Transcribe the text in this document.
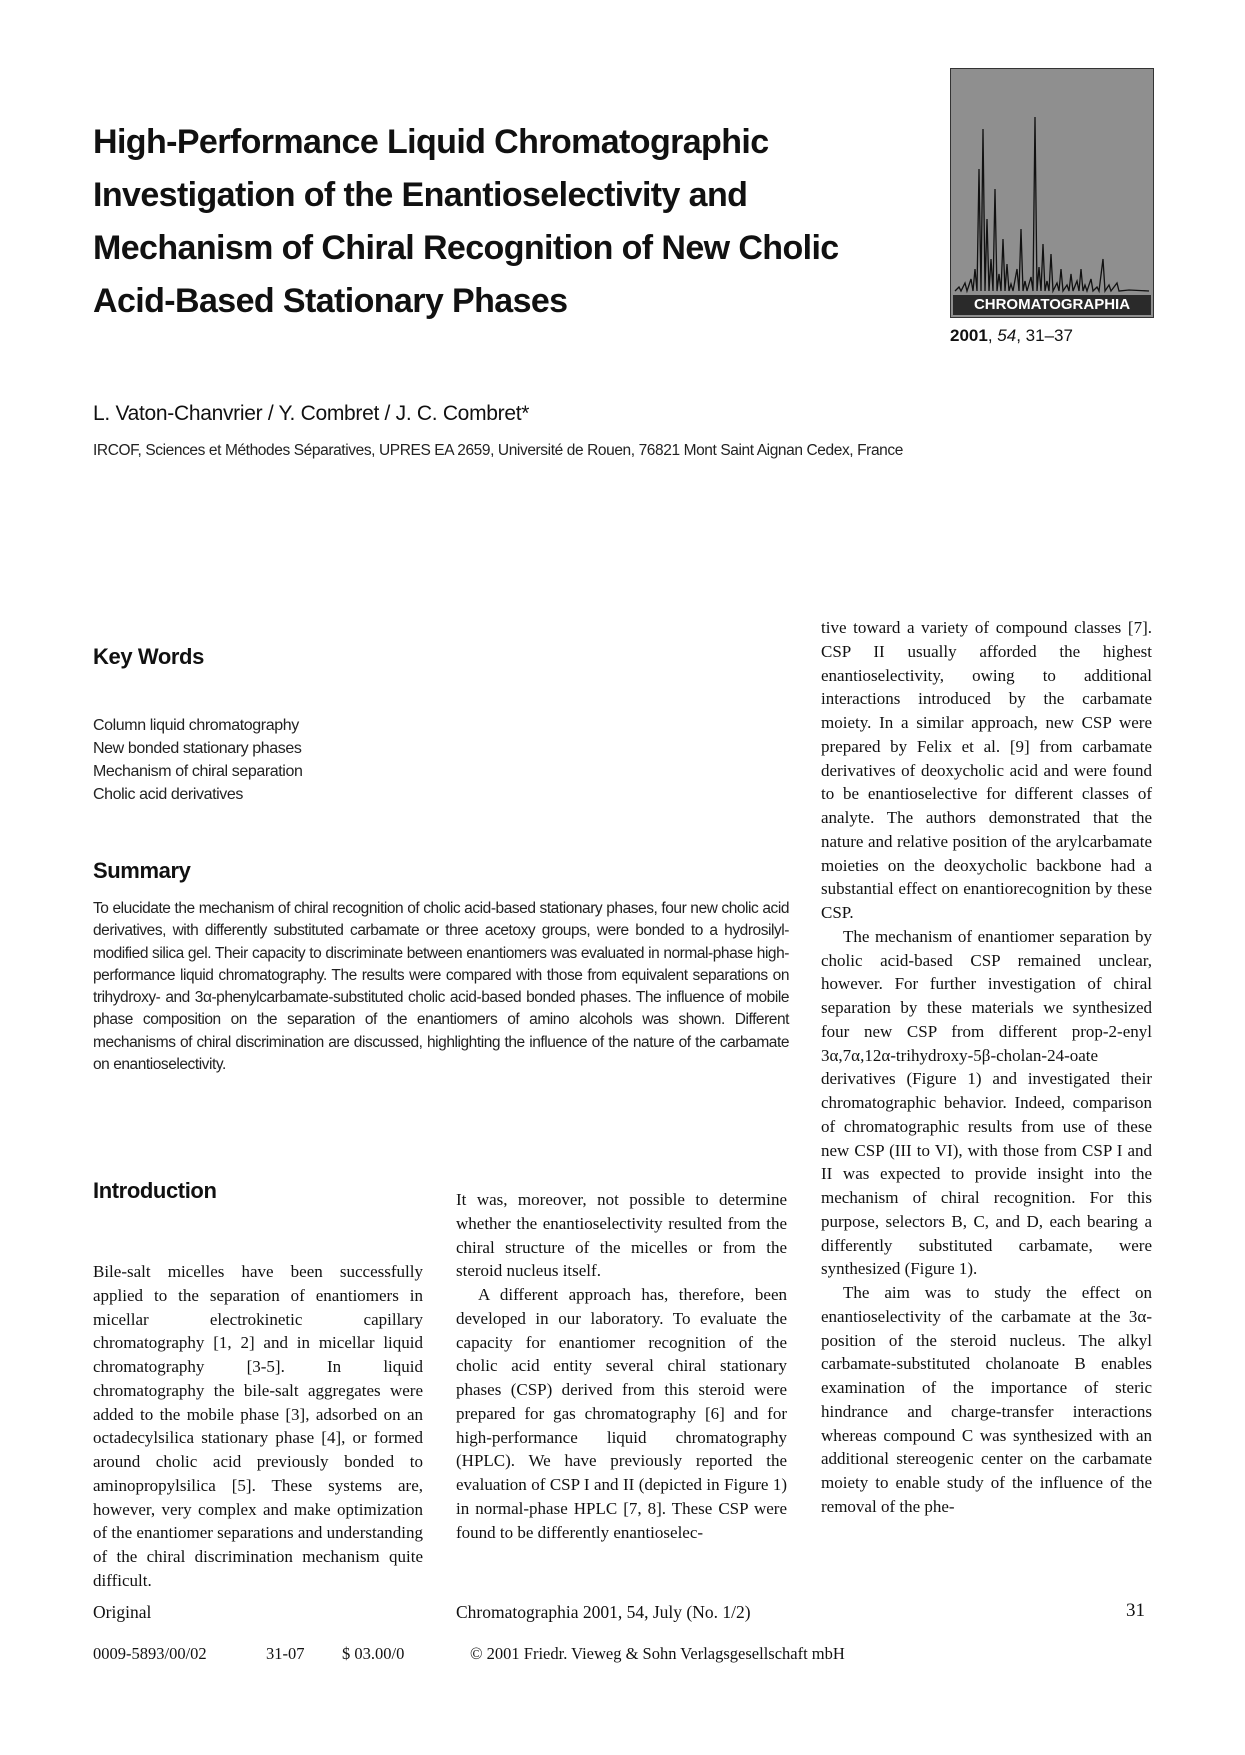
High-Performance Liquid Chromatographic Investigation of the Enantioselectivity and Mechanism of Chiral Recognition of New Cholic Acid-Based Stationary Phases	CHROMATOGRAPHIA
2001, 54, 31–37
L. Vaton-Chanvrier / Y. Combret / J. C. Combret*
IRCOF, Sciences et Méthodes Séparatives, UPRES EA 2659, Université de Rouen, 76821 Mont Saint Aignan Cedex, France
Key Words
Column liquid chromatography
New bonded stationary phases
Mechanism of chiral separation
Cholic acid derivatives
Summary

To elucidate the mechanism of chiral recognition of cholic acid-based stationary phases, four new cholic acid derivatives, with differently substituted carbamate or three acetoxy groups, were bonded to a hydrosilyl-modified silica gel. Their capacity to discriminate between enantiomers was evaluated in normal-phase high-performance liquid chromatography. The results were compared with those from equivalent separations on trihydroxy- and 3α-phenylcarbamate-substituted cholic acid-based bonded phases. The influence of mobile phase composition on the separation of the enantiomers of amino alcohols was shown. Different mechanisms of chiral discrimination are discussed, highlighting the influence of the nature of the carbamate on enantioselectivity.

Introduction

Bile-salt micelles have been successfully applied to the separation of enantiomers in micellar electrokinetic capillary chromatography [1, 2] and in micellar liquid chromatography [3-5]. In liquid chromatography the bile-salt aggregates were added to the mobile phase [3], adsorbed on an octadecylsilica stationary phase [4], or formed around cholic acid previously bonded to aminopropylsilica [5]. These systems are, however, very complex and make optimization of the enantiomer separations and understanding of the chiral discrimination mechanism quite difficult.

It was, moreover, not possible to determine whether the enantioselectivity resulted from the chiral structure of the micelles or from the steroid nucleus itself.

A different approach has, therefore, been developed in our laboratory. To evaluate the capacity for enantiomer recognition of the cholic acid entity several chiral stationary phases (CSP) derived from this steroid were prepared for gas chromatography [6] and for high-performance liquid chromatography (HPLC). We have previously reported the evaluation of CSP I and II (depicted in Figure 1) in normal-phase HPLC [7, 8]. These CSP were found to be differently enantioselec-

tive toward a variety of compound classes [7]. CSP II usually afforded the highest enantioselectivity, owing to additional interactions introduced by the carbamate moiety. In a similar approach, new CSP were prepared by Felix et al. [9] from carbamate derivatives of deoxycholic acid and were found to be enantioselective for different classes of analyte. The authors demonstrated that the nature and relative position of the arylcarbamate moieties on the deoxycholic backbone had a substantial effect on enantiorecognition by these CSP.

The mechanism of enantiomer separation by cholic acid-based CSP remained unclear, however. For further investigation of chiral separation by these materials we synthesized four new CSP from different prop-2-enyl 3α,7α,12α-trihydroxy-5β-cholan-24-oate derivatives (Figure 1) and investigated their chromatographic behavior. Indeed, comparison of chromatographic results from use of these new CSP (III to VI), with those from CSP I and II was expected to provide insight into the mechanism of chiral recognition. For this purpose, selectors B, C, and D, each bearing a differently substituted carbamate, were synthesized (Figure 1).

The aim was to study the effect on enantioselectivity of the carbamate at the 3α-position of the steroid nucleus. The alkyl carbamate-substituted cholanoate B enables examination of the importance of steric hindrance and charge-transfer interactions whereas compound C was synthesized with an additional stereogenic center on the carbamate moiety to enable study of the influence of the removal of the phe-

Original	Chromatographia 2001, 54, July (No. 1/2)	31
0009-5893/00/02	31-07 $ 03.00/0	© 2001 Friedr. Vieweg & Sohn Verlagsgesellschaft mbH
